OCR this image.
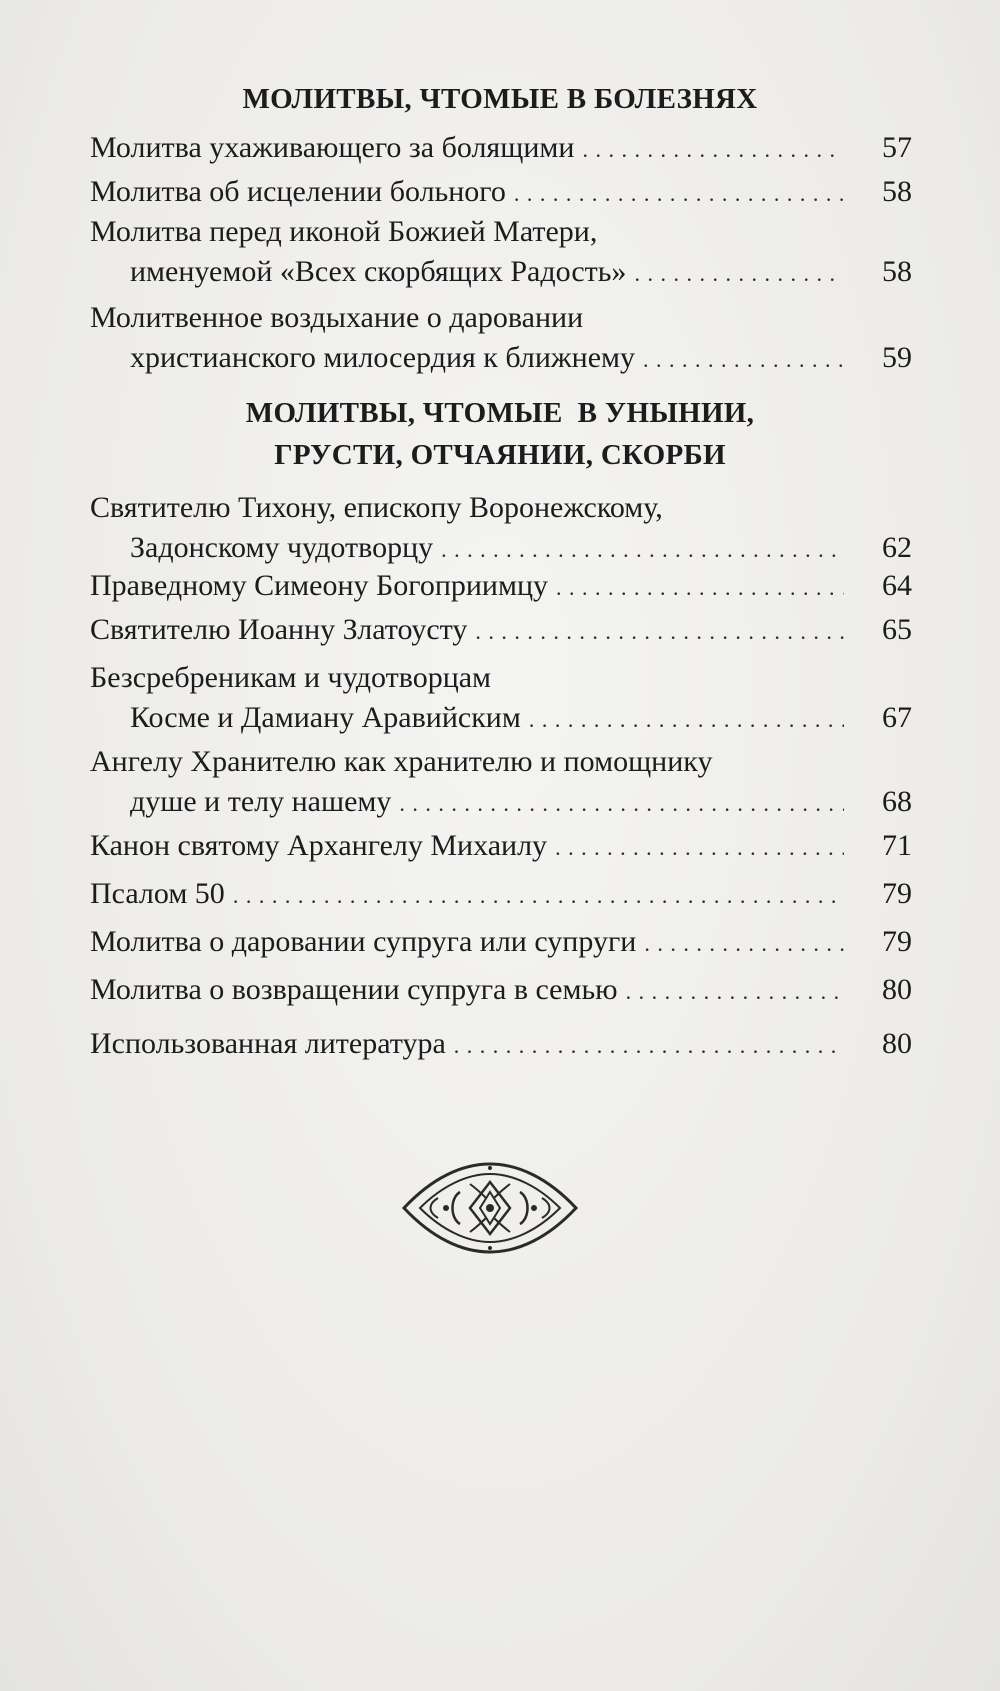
МОЛИТВЫ, ЧТОМЫЕ В БОЛЕЗНЯХ
Молитва ухаживающего за болящими . . .	57
Молитва об исцелении больного . . .	58
Молитва перед иконой Божией Матери,
именуемой «Всех скорбящих Радость» . . .	58
Молитвенное воздыхание о даровании
христианского милосердия к ближнему . . .	59
МОЛИТВЫ, ЧТОМЫЕ  В УНЫНИИ,
ГРУСТИ, ОТЧАЯНИИ, СКОРБИ
Святителю Тихону, епископу Воронежскому,
Задонскому чудотворцу . . .	62
Праведному Симеону Богоприимцу . . .	64
Святителю Иоанну Златоусту . . .	65
Безсребреникам и чудотворцам
Косме и Дамиану Аравийским . . .	67
Ангелу Хранителю как хранителю и помощнику
душе и телу нашему . . .	68
Канон святому Архангелу Михаилу . . .	71
Псалом 50 . . .	79
Молитва о даровании супруга или супруги . . .	79
Молитва о возвращении супруга в семью . . .	80
Использованная литература . . .	80
